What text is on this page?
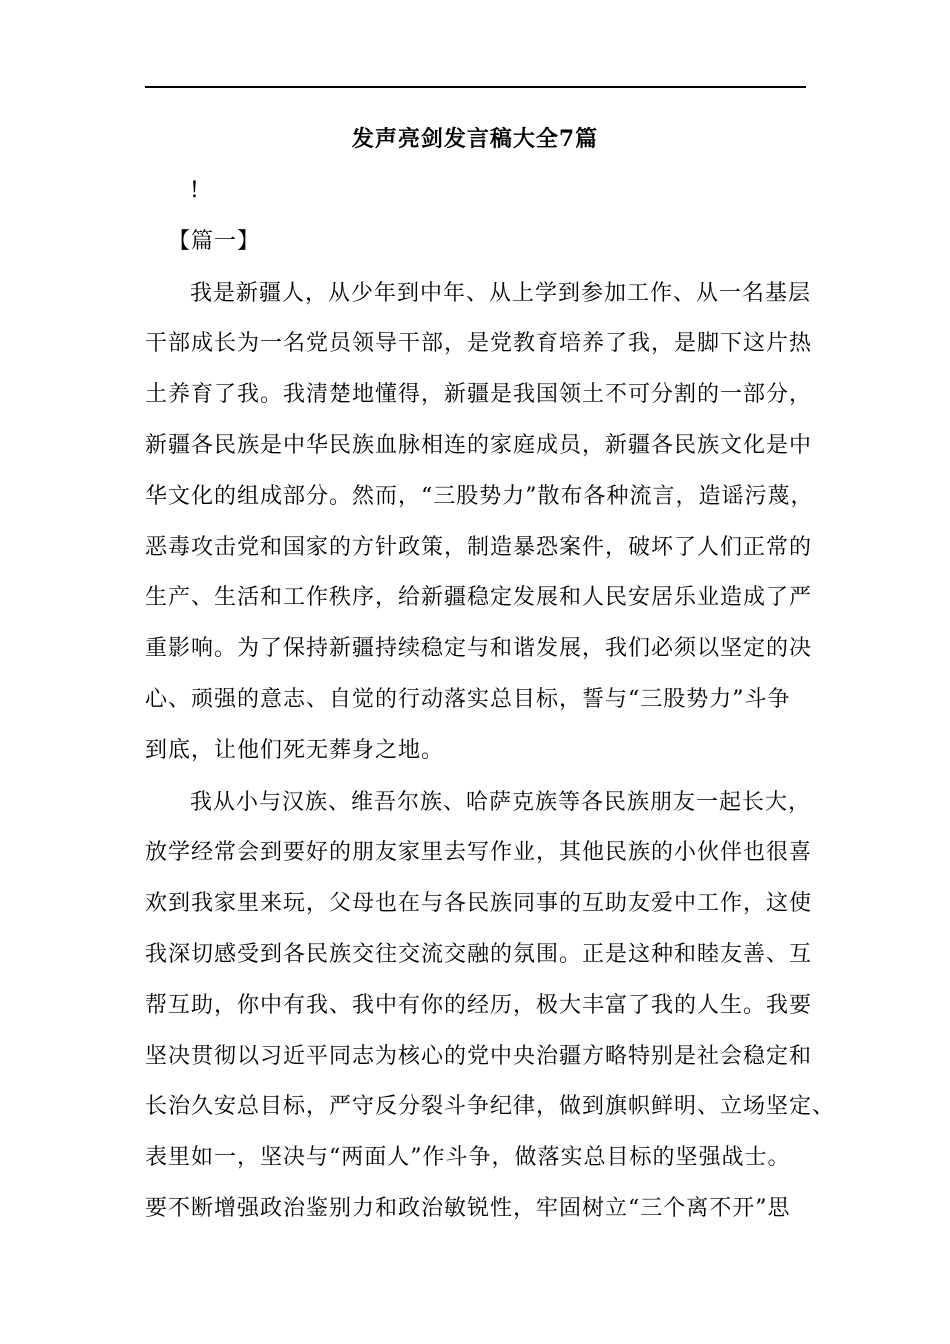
发声亮剑发言稿大全7篇
!
【篇一】
我是新疆人，从少年到中年、从上学到参加工作、从一名基层
干部成长为一名党员领导干部，是党教育培养了我，是脚下这片热
土养育了我。我清楚地懂得，新疆是我国领土不可分割的一部分，
新疆各民族是中华民族血脉相连的家庭成员，新疆各民族文化是中
华文化的组成部分。然而，“三股势力”散布各种流言，造谣污蔑，
恶毒攻击党和国家的方针政策，制造暴恐案件，破坏了人们正常的
生产、生活和工作秩序，给新疆稳定发展和人民安居乐业造成了严
重影响。为了保持新疆持续稳定与和谐发展，我们必须以坚定的决
心、顽强的意志、自觉的行动落实总目标，誓与“三股势力”斗争
到底，让他们死无葬身之地。
我从小与汉族、维吾尔族、哈萨克族等各民族朋友一起长大，
放学经常会到要好的朋友家里去写作业，其他民族的小伙伴也很喜
欢到我家里来玩，父母也在与各民族同事的互助友爱中工作，这使
我深切感受到各民族交往交流交融的氛围。正是这种和睦友善、互
帮互助，你中有我、我中有你的经历，极大丰富了我的人生。我要
坚决贯彻以习近平同志为核心的党中央治疆方略特别是社会稳定和
长治久安总目标，严守反分裂斗争纪律，做到旗帜鲜明、立场坚定、
表里如一，坚决与“两面人”作斗争，做落实总目标的坚强战士。
要不断增强政治鉴别力和政治敏锐性，牢固树立“三个离不开”思
